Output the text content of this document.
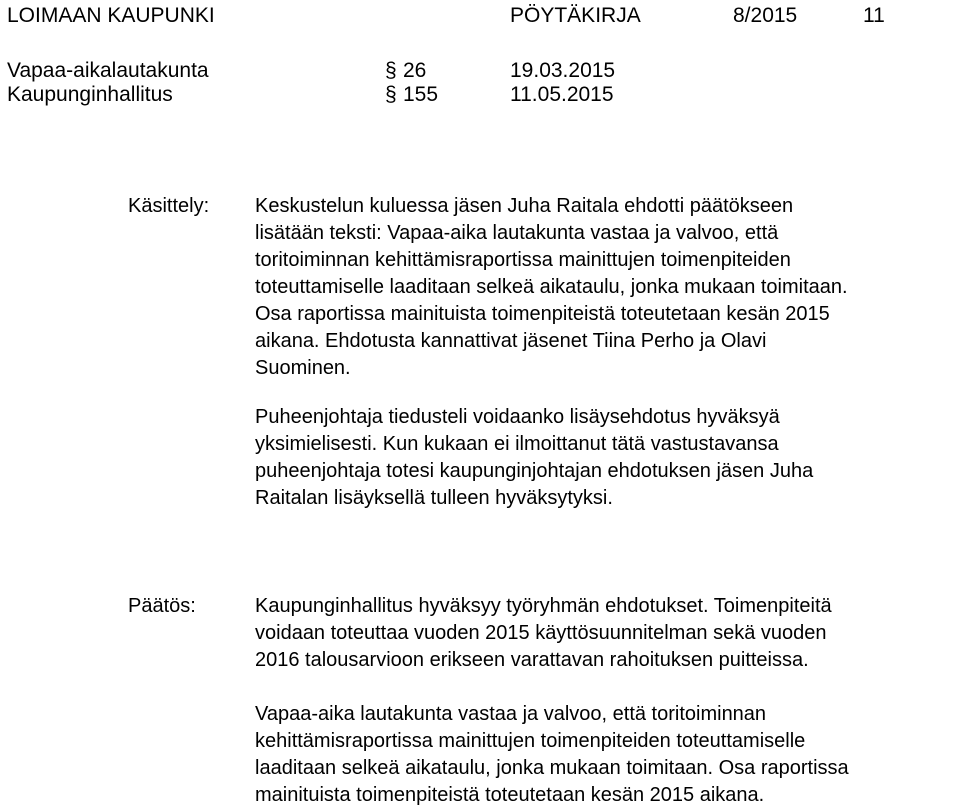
LOIMAAN KAUPUNKI	PÖYTÄKIRJA	8/2015	11
Vapaa-aikalautakunta	§ 26	19.03.2015
Kaupunginhallitus	§ 155	11.05.2015
Käsittely: Keskustelun kuluessa jäsen Juha Raitala ehdotti päätökseen
lisätään teksti: Vapaa-aika lautakunta vastaa ja valvoo, että
toritoiminnan kehittämisraportissa mainittujen toimenpiteiden
toteuttamiselle laaditaan selkeä aikataulu, jonka mukaan toimitaan.
Osa raportissa mainituista toimenpiteistä toteutetaan kesän 2015
aikana. Ehdotusta kannattivat jäsenet Tiina Perho ja Olavi
Suominen.
Puheenjohtaja tiedusteli voidaanko lisäysehdotus hyväksyä
yksimielisesti. Kun kukaan ei ilmoittanut tätä vastustavansa
puheenjohtaja totesi kaupunginjohtajan ehdotuksen jäsen Juha
Raitalan lisäyksellä tulleen hyväksytyksi.
Päätös:	Kaupunginhallitus hyväksyy työryhmän ehdotukset. Toimenpiteitä
voidaan toteuttaa vuoden 2015 käyttösuunnitelman sekä vuoden
2016 talousarvioon erikseen varattavan rahoituksen puitteissa.
Vapaa-aika lautakunta vastaa ja valvoo, että toritoiminnan
kehittämisraportissa mainittujen toimenpiteiden toteuttamiselle
laaditaan selkeä aikataulu, jonka mukaan toimitaan. Osa raportissa
mainituista toimenpiteistä toteutetaan kesän 2015 aikana.
